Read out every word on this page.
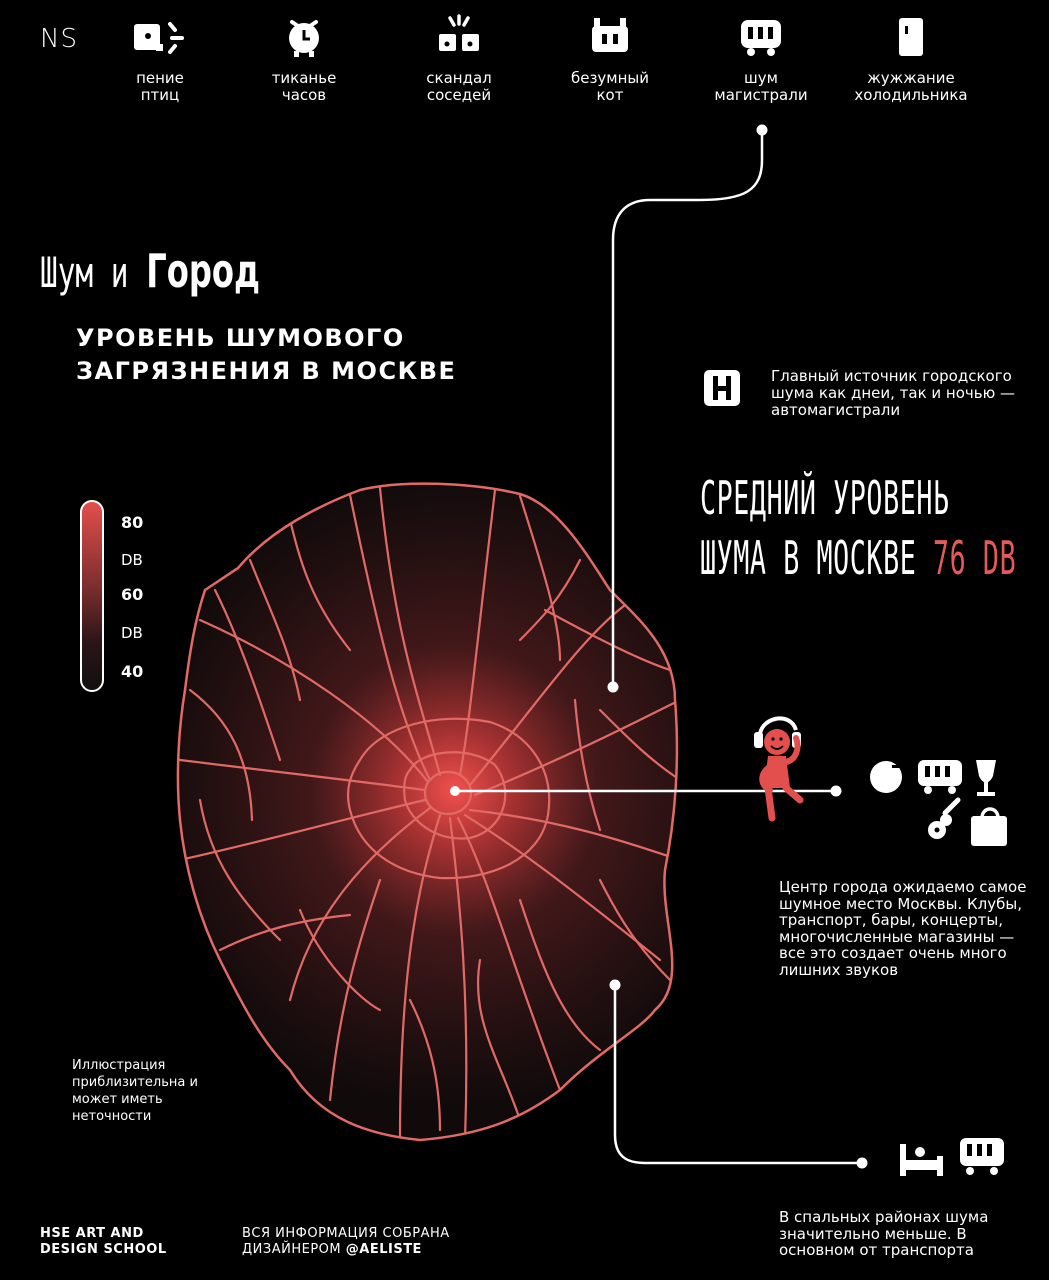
NS
пение
птиц
тиканье
часов
скандал
соседей
безумный
кот
шум
магистрали
жужжание
холодильника
Шум и Город
УРОВЕНЬ ШУМОВОГО
ЗАГРЯЗНЕНИЯ В МОСКВЕ	Главный источник городского шума как днеи, так и ночью — автомагистрали
СРЕДНИЙ УРОВЕНЬ
ШУМА В МОСКВЕ 76 DB
80
DB
60
DB
40
Центр города ожидаемо самое шумное место Москвы. Клубы, транспорт, бары, концерты, многочисленные магазины — все это создает очень много лишних звуков
Иллюстрация приблизительна и может иметь неточности
В спальных районах шума значительно меньше. В основном от транспорта
HSE ART AND
DESIGN SCHOOL
ВСЯ ИНФОРМАЦИЯ СОБРАНА
ДИЗАЙНЕРОМ @AELISTE
